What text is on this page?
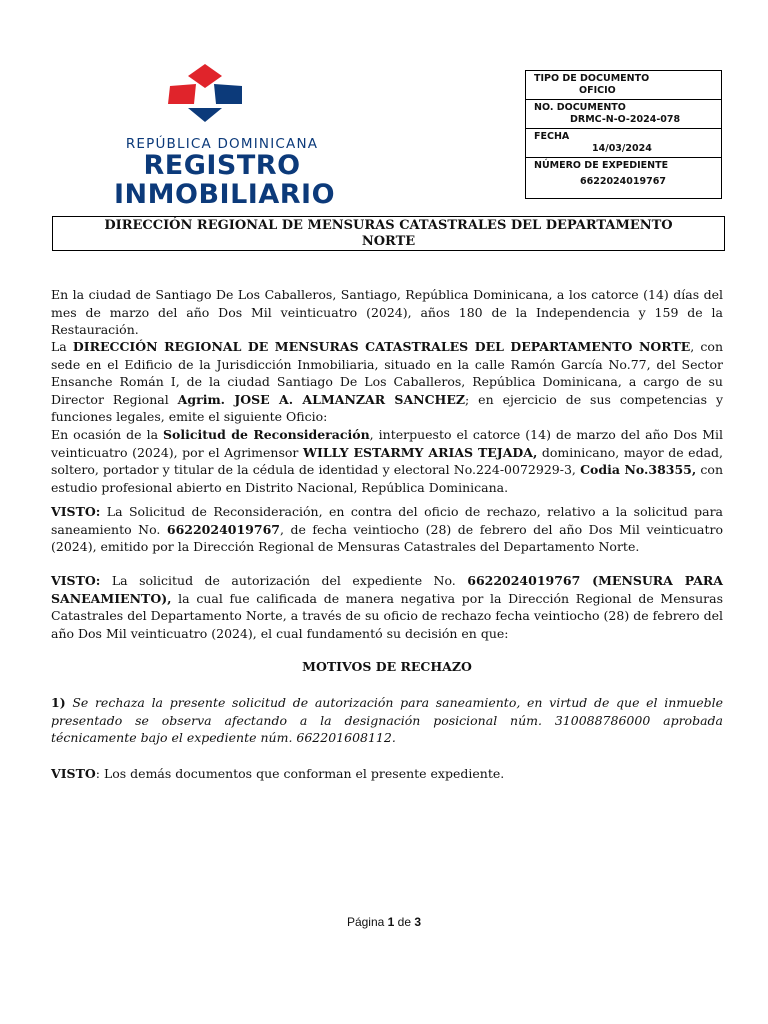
REPÚBLICA DOMINICANA
REGISTRO
INMOBILIARIO
TIPO DE DOCUMENTO
OFICIO

NO. DOCUMENTO
DRMC-N-O-2024-078

FECHA
14/03/2024

NÚMERO DE EXPEDIENTE
6622024019767
DIRECCIÓN REGIONAL DE MENSURAS CATASTRALES DEL DEPARTAMENTO
NORTE
En la ciudad de Santiago De Los Caballeros, Santiago, República Dominicana, a los catorce (14) días del mes de marzo del año Dos Mil veinticuatro (2024), años 180 de la Independencia y 159 de la Restauración.
La DIRECCIÓN REGIONAL DE MENSURAS CATASTRALES DEL DEPARTAMENTO NORTE, con sede en el Edificio de la Jurisdicción Inmobiliaria, situado en la calle Ramón García No.77, del Sector Ensanche Román I, de la ciudad Santiago De Los Caballeros, República Dominicana, a cargo de su Director Regional Agrim. JOSE A. ALMANZAR SANCHEZ; en ejercicio de sus competencias y funciones legales, emite el siguiente Oficio:
En ocasión de la Solicitud de Reconsideración, interpuesto el catorce (14) de marzo del año Dos Mil veinticuatro (2024), por el Agrimensor WILLY ESTARMY ARIAS TEJADA, dominicano, mayor de edad, soltero, portador y titular de la cédula de identidad y electoral No.224-0072929-3, Codia No.38355, con estudio profesional abierto en Distrito Nacional, República Dominicana.
VISTO: La Solicitud de Reconsideración, en contra del oficio de rechazo, relativo a la solicitud para saneamiento No. 6622024019767, de fecha veintiocho (28) de febrero del año Dos Mil veinticuatro (2024), emitido por la Dirección Regional de Mensuras Catastrales del Departamento Norte.
VISTO: La solicitud de autorización del expediente No. 6622024019767 (MENSURA PARA SANEAMIENTO), la cual fue calificada de manera negativa por la Dirección Regional de Mensuras Catastrales del Departamento Norte, a través de su oficio de rechazo fecha veintiocho (28) de febrero del año Dos Mil veinticuatro (2024), el cual fundamentó su decisión en que:
MOTIVOS DE RECHAZO
1) Se rechaza la presente solicitud de autorización para saneamiento, en virtud de que el inmueble presentado se observa afectando a la designación posicional núm. 310088786000 aprobada técnicamente bajo el expediente núm. 662201608112.
VISTO: Los demás documentos que conforman el presente expediente.
Página 1 de 3
